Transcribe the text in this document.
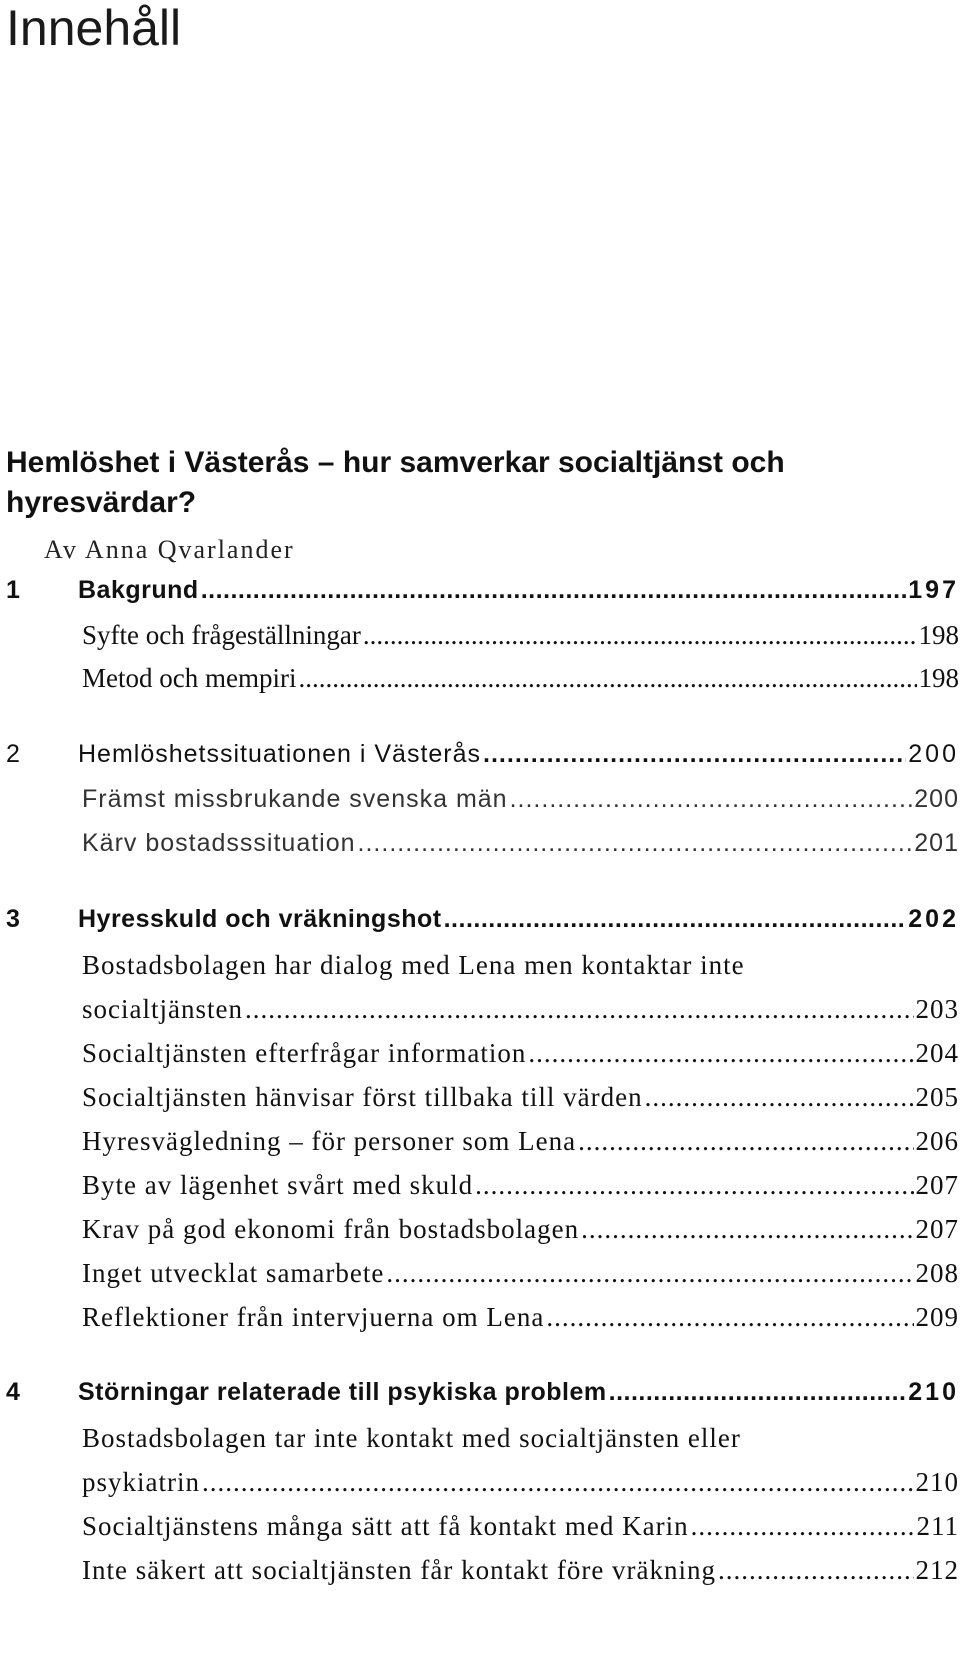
Innehåll
Hemlöshet i Västerås – hur samverkar socialtjänst och hyresvärdar?
Av Anna Qvarlander
1	Bakgrund .....	197
Syfte och frågeställningar .....	198
Metod och mempiri .....	198
2	Hemlöshetssituationen i Västerås .....	200
Främst missbrukande svenska män .....	200
Kärv bostadsssituation .....	201
3	Hyresskuld och vräkningshot .....	202
Bostadsbolagen har dialog med Lena men kontaktar inte
socialtjänsten .....	203
Socialtjänsten efterfrågar information .....	204
Socialtjänsten hänvisar först tillbaka till värden .....	205
Hyresvägledning – för personer som Lena .....	206
Byte av lägenhet svårt med skuld .....	207
Krav på god ekonomi från bostadsbolagen .....	207
Inget utvecklat samarbete .....	208
Reflektioner från intervjuerna om Lena .....	209
4	Störningar relaterade till psykiska problem .....	210
Bostadsbolagen tar inte kontakt med socialtjänsten eller
psykiatrin .....	210
Socialtjänstens många sätt att få kontakt med Karin .....	211
Inte säkert att socialtjänsten får kontakt före vräkning .....	212
